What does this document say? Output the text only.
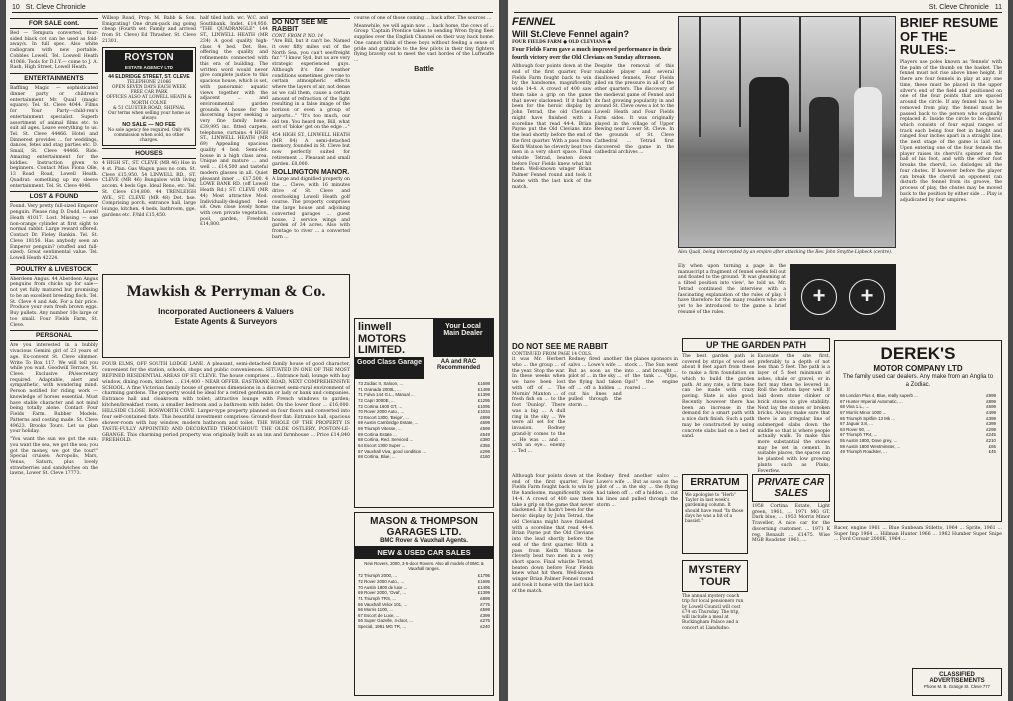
10 St. Cleve Chronicle
FOR SALE cont.

Bed — Tempura converted, four-sided black cot can be used as fold-away/s. In full spec. Also white radiogram with new portable. Cobbles Lowell. Tel. Loswell Heath 41068. Tools for D.I.Y.— come to J. A. Rash, High Street, Lowell Heath.

ENTERTAINMENTS

Baffling Magic — sophisticated dinner party or children's entertainment Mr. Quail (magic square). Tel. St. Cleve 4044. Films for Your Party—child-ren's entertainment specialist. Superb assortment of animal films etc. to suit all ages. Leave everything to us. Tel. St. Cleve 44466. Hotel and Dinnerest provides ... for weddings, dances, fetes and stag parties etc. D. Smail, St. Cleve 44466. Ride. Amazing entertainment for the kiddies. Instruction given to beginners. Contact Miss Fiona Olle, 13 Road Road, Lowell Heath. Quadrat: something up my sleeve entertainment. Tel. St. Cleve 4046.

LOST & FOUND

Found. Very pretty full-sized Emperor penguin. Please ring D. Dudd, Lowell Heath 41017. Lost. Missing — one non-orange cylinder at first sight to normal rabbit. Large reward offered. Contact Dr. Fieley Rankin. Tel. St. Cleve 18156. Has anybody seen an Emperor penguin? (stuffed and full-sized). Great sentimental value. Tel. Lowell Heath 42224.

POULTRY & LIVESTOCK

Aberdeen Angus. 44 Aberdeen Angus penguins from chicks up for sale—not yet fully matured but promising to be an excellent breeding flock. Tel. St. Cleve 4 and Ask. For a fair price. Produce your own fresh brown eggs. Buy pullets. Any number 10s large or too small. Four Fields Farm, St. Cleve.

PERSONAL

Are you interested in a bubbly vivacious Gemini girl of 23 years of age. Ex-convent St. Cleve slimmer. Write To Box 117. We will tell you while you wait. Goodwill Terrace, St. Cleve. Exclusive PA/secretary required. Adaptable, alert and sympathetic, with wondering mind. Person notified for riding work — knowledge of horses essential. Must have stable character and not mind being totally alone. Contact Four Fields Farm. Rubber Models. Patterns and costing made. St. Cleve 49623. Brooks Tours. Let us plan your holiday.

"You want the sun we got the sun; you want the sea, we got the sea; you got the money, we got the tour!" Special cruises: Acropolis, Mars, Venus, Saturn, plus lovely strawberries and sandwiches on the lawns, Lower St. Cleve 17773.

Willsop Road, Prop: M. Babb & Son. Emigrating! One drum-pack ing going cheap (Fourth set. Family and arrived from St. Cleve) Ed Thrasher, St. Cleve 21301.

ROYSTON
ESTATE AGENCY LTD
44 ELDRIDGE STREET, ST. CLEVE
TELEPHONE 21066
OPEN SEVEN DAYS EACH WEEK
FREE CAR PARK
OFFICES ALSO AT LOWELL HEATH & NORTH COLNE
& 51 CLUSTER ROAD, SHIFNAL
Our terms when selling your home as always
NO SALE — NO FEE
No sole agency fee required. Only 4% commission when sold, no other charges.
HOUSES

4 HIGH ST., ST. CLEVE (MR 46) Hse in 4 st. Plan. Gas Wagon pass no com. St. Cleve £15,950. 54 LINWELL RD., ST. CLEVE (MR 46) Bungalow with living accom. 4 beds Gge. Ideal Reno, etc. Tel. St. Cleve £14,800. 44 TRENLEIGH AVE., ST. CLEVE (MR 48) Det. hse. Comprising porch, entrance hall, large lounge, kitchen, 4 beds, bathroom, gge, gardens etc. F/hld £15,450.

half tiled bath. wc. W.C. and Southbank. Indet. £14,950. "THE QUADRANGLE" 144 ST., LINWELL HEATH (MR 234) A good quality high-class 4 bed. Det. Res. offering the quality and refinements connected with this era of building. The written word would never give complete justice to this spacious house, which is set, with panoramic aquatic views together with the adjacent ... and environmental garden grounds. A house for the discerning buyer seeking a very fine family home. £39,995 inc. fitted carpets, telephone, curtains. 4 HIGH ST., LINWELL HEATH (MR 69) Appealing spacious quality 4 bed. Semi-det. house in a high class area. Unique and mature ... and well ... £14,500 and tasteful modern glasses in all. Quiet pleasant inner ... £17,500. 4 LOWE BANK RD. (off Lowell Heath Rd.) ST. CLEVE (MR 44) Most attractive Mod. Individually-designed bed-sit. Own close lovely home with own private vegetation, pool, garden, Freehold £14,800.

DO NOT SEE ME RABBIT
CONT. FROM P. NO. 14

"Are Bill, but it can't be. Named it over fifty miles out of the North Sea, you can't see/freight far." "I know Syd, but us are very strategic experienced guys. Although it's fine weather conditions sometimes give rise to certain atmospheric effects where the layers of air, not dense as we call them, cause a certain amount of refraction of the light resulting in a false image of the horizon or even a group of airports..." "It's too much, our old ten. You heard me, Bill, what sort of 'bloke' get on the edge ..."

454 HIGH ST., LINWELL HEATH (MR 84) A semi-detached memory, founded in St. Cleve but now perfectly suited for retirement ... Pleasant and small garden. £8,000.

BOLLINGTON MANOR.

A large and dignified property on the ... Cleve, with 16 minutes drive of St. Cleve and overlooking Lowell Heath golf course. The property comprises the large house and adjoining converted garages ... guest house, 2 service wings and garden of 34 acres. Also with frontage to river ... a converted barn ...

course of one of those coming ... back after. The sources ...

Meanwhile, we will again now ... back home, the cows of ... Group 'Captain Prentice takes to sending Wren flying fleet supplies over the English Channel on their way back home. One cannot think of these boys without feeling a sense of pride and gratitude to the few pilots in their tiny fighters flying bravely out to meet the vast hordes of the Luftwaffe ...

Battle
Mawkish & Perryman & Co.
Incorporated Auctioneers & Valuers
Estate Agents & Surveyors	linwell MOTORS LIMITED.
Your Local Main Dealer
Good Class Garage	AA and RAC Recommended
73 Zodiac II, Saloon, ...	£1698
71 Granada 2000L, ...	£1499
71 Fulva 144 G.L., Manual ...	£1399
72 Capri 3000E, ...	£1295
72 Cortina 1600 GT, ...	£1095
70 Rover 2000 Auto., ...	£1034
72 Escort 1300, 'Beige', ...	£899
69 Austin Cambridge Estate, ...	£699
69 Triumph Vitesse, ...	£599
69 Cortina Estate ...	£549
68 Cortina, Red. Serviced ...	£380
64 Escort 1300 Super ...	£355
67 Vauxhall Viva, good condition ...	£299
68 Cortina, Blue, ...	£160
MASON & THOMPSON GARAGES LTD.
BMC Rover & Vauxhall Agents.
NEW & USED CAR SALES
New Rovers, 2000, 3-5-door Rovers. Also all models of BMC & Vauxhall ranges.
72 Triumph 2000, ...	£1795
72 Rover 2000 Auto., ...	£1695
70 Austin 1800 de luxe ...	£1495
69 Rover 2000, 'Oval', ...	£1399
71 Triumph TRS, ...	£899
66 Vauxhall Velox 101, ...	£775
66 Morris 1100, ...	£599
67 Escort de Luxe, ...	£399
66 Super Gazelle, 4-door, ...	£275
Special, 1951 MG TR, ...	£240

FOUR ELMS, OFF SOUTH LODGE LANE. A pleasant, semi-detached family house of good character, convenient for the station, schools, shops and public conveniences. SITUATED IN ONE OF THE MOST REFINED RESIDENTIAL AREAS OF ST. CLEVE. The house comprises ... Entrance hall, lounge with bay window, dining room, kitchen ... £14,400 - NEAR OFFER. EASTBANK ROAD, NEXT COMPREHENSIVE SCHOOL. A fine Victorian family house of generous dimensions in a discreet semi-rural environment of charming gardens. The property would be ideal for a retired gentleman or lady or bank and companies. Entrance hall and cloakroom with toilet; attractive lounge with French windows to garden; kitchen/breakfast room, a smaller bedroom and a bathroom with bidet. On the lower floor ... £16,000. HILLSIDE CLOSE, BOSWORTH COVE. Larger-type property planned on four floors and converted into four self-contained flats. This beautiful investment comprises: Ground-floor flat: Entrance hall, spacious shower-room with bay window, modern bathroom and toilet. THE WHOLE OF THE PROPERTY IS TASTE-FULLY APPOINTED AND DECORATED THROUGHOUT. THE OLDE OSTLERY, POSTON-LE-GRANGE. This charming period property was originally built as an inn and farmhouse ... Price £14,840 FREEHOLD.

St. Cleve Chronicle 11
FENNEL
Will St.Cleve Fennel again?
FOUR FIELDS FARM ● OLD CLEVIANS ●
Four Fields Farm gave a much improved performance in their fourth victory over the Old Clevians on Sunday afternoon.

Although four points down at the end of the first quarter, Four Fields Farm fought back to win by the handsome, magnificently wide 14-4. A crowd of 400 saw them take a grip on the game that never slackened. If it hadn't been for the heroic display by John Tetrad, the old Clevians might have finished with a scoreline that read 44-4. Brian Payne put the Old Clevians into the lead shortly before the end of the first quarter. With a pass from Keith Watson he cleverly beat two men in a very short space. Final whistle Tetrad, beaten down before Four Fields knew what hit them. Well-known winger Brian Palmer Fennel round and took it home with the last kick of the match.

Despite the removal of this valuable player and several disallowed fennels, Four Fields piled on the pressure in all of the other quarters. The discovery of the medieval game of Fennel and its fast growing popularity in and around St. Cleve owes a lot to the Lowell Heath and Four Fields Farm sides. It was originally played in the village of Upper Bewing near Lower St. Cleve. In the grounds of St. Cleve Cathedral ... Tetrad first discovered the game in the cathedral archives ...

Alex Quail, being intercepted by an empire after attacking the Rev. John Smythe-Lipbeck (centre).

Ely when upon turning a page in the manuscript a fragment of fennel seeds fell out and floated to the ground. 'It was gleaming at a tilted position into view', he told us. Mr. Tetrad continued the interview with a fascinating explanation of the rules of play. I have therefore for the many readers who are yet to be introduced to the game a brief résumé of the rules.

+	+
BRIEF RESUME OF THE RULES:–

Players use poles known as 'fennels' with the palm of the thumb on the basket. The fennel must not rise above knee height. If there are four fennels in play at any one time, these must be placed in the upper silver's end of the field and positioned on one of the four points that are spaced around the circle. If any fennel has to be removed from play, the fennel must be passed back to the person who originally replaced it. Inside the circle to be chervil which consists of four equal ranges of track each being four feet in height and ranged four inches apart in a straight line, the next stage of the game is laid out. Upon entering one of the four fennels the player raises its chervil's spinner on the ball of his foot, and with the other foot breaks the chervil, i.e. dislodges all the four chutes. If however before the player can break the chervil an opponent can disturb the fennel from its groove, the process of play, the chutes may be moved back to the position by either side ... Play is adjudicated by four umpires.

DO NOT SEE ME RABBIT
CONTINUED FROM PAGE 14 COLS.

it was Mr. Herbert who ... the group ... of the year. Stop the war. In these weeks when we have been lost with off of ... The Mornin' Manton ... of fresh fish on ... to the foot 'Dunlop'. There was a big ... A dull ring in the sky ... We were all set for the invasion. Rodney grand-ly comes to the ... He was ... and ... with an eye... enemy ... Ted ...

Rodney fired another salvo ... Lowe's wife ... But as soon as the pilot of ... in the sky ... the flying had taken off ... off a hidden ... cut his lines and pulled through the storm ...

the planes sponsors in stock ... The Sun went into ... and brought ... of the tank ... "Ops, Ops!" the engine roared ...

UP THE GARDEN PATH

The best garden path is covered by strips of wood set about 8 feet apart from these to make a firm foundation on which to build the garden path. At any rate, a firm base can be made with crazy paving. Slate is also good. Recently however there has been an increase in the demand for a smart path with a nice dark finish. Such a path may be constructed by using concrete slabs laid on a bed of sand.

Excavate the site first, preferably to a depth of not less than 5 feet. The path is a layer of 5 feet minimum of ashes, shale or gravel, or in fact may then be levered in. Roll the bottom layer well. If laid down stone clinker or brick stones to give stability. Next lay the stones or broken bricks. Always make sure that there is an irregular line of submerged slabs down the middle so that is where people actually walk. To make this more substantial the stones may be set in cement. In suitable places, the spaces can be planted with low growing plants such as Pinks, Feverfew.

DEREK'S
MOTOR COMPANY LTD
The family used car dealers. Any make from an Anglia to a Zodiac.
66 London Plus 4, Blue, really superb ...	£999
67 Hunter Imperial Automatic, ...	£899
68 Viva 1.L., ...	£699
67 Morris Minor 1000 ...	£499
65 Triumph Spitfire 13 Mk ...	£399
67 Jaguar 3.8, ...	£399
63 Rover 90, ...	£299
67 Triumph TR4, ...	£245
55 Austin 1800, Dove grey, ...	£210
59 Austin 1800 Westminster, ...	£65
49 Triumph Roadster, ...	£45
ERRATUM

We apologise to "Herb" Taylor in last week's gardening column. It should have read "In those days he was a bit of a bassist."

MYSTERY TOUR

The annual mystery coach trip for local pensioners run by Lowell Council will cost £74 on Thursday. The trip, will include a meal at Buckingham Palace and a concert at Llandudno.

PRIVATE CAR SALES

1958 Cortina Estate, Light green, 1961, ... 1971 MG GT, Dark blue, ... 1953 Morris Minor Traveller, A nice car for the discerning customer. ... 1971 K reg. Renault ... £1475. Wise MGB Roadster 1961, ...

Racer, engine 1961 ... Blue Sunbeam Stiletto, 1964 ... Sprite, 1961 ... Super Imp 1964 ... Hillman Hunter 1966 ... 1962 Humber Super Snipe ... Ford Corsair 2000E, 1964 ...

CLASSIFIED ADVERTISEMENTS
Phone M. B. Grange St. Cleve 777

Although four points down at the end of the first quarter, Four Fields Farm fought back to win by the handsome, magnificently wide 14-4. A crowd of 400 saw them take a grip on the game that never slackened. If it hadn't been for the heroic display by John Tetrad, the old Clevians might have finished with a scoreline that read 44-4. Brian Payne put the Old Clevians into the lead shortly before the end of the first quarter. With a pass from Keith Watson he cleverly beat two men in a very short space. Final whistle Tetrad, beaten down before Four Fields knew what hit them. Well-known winger Brian Palmer Fennel round and took it home with the last kick of the match.

Rodney fired another salvo ... Lowe's wife ... But as soon as the pilot of ... in the sky ... the flying had taken off ... off a hidden ... cut his lines and pulled through the storm ...
